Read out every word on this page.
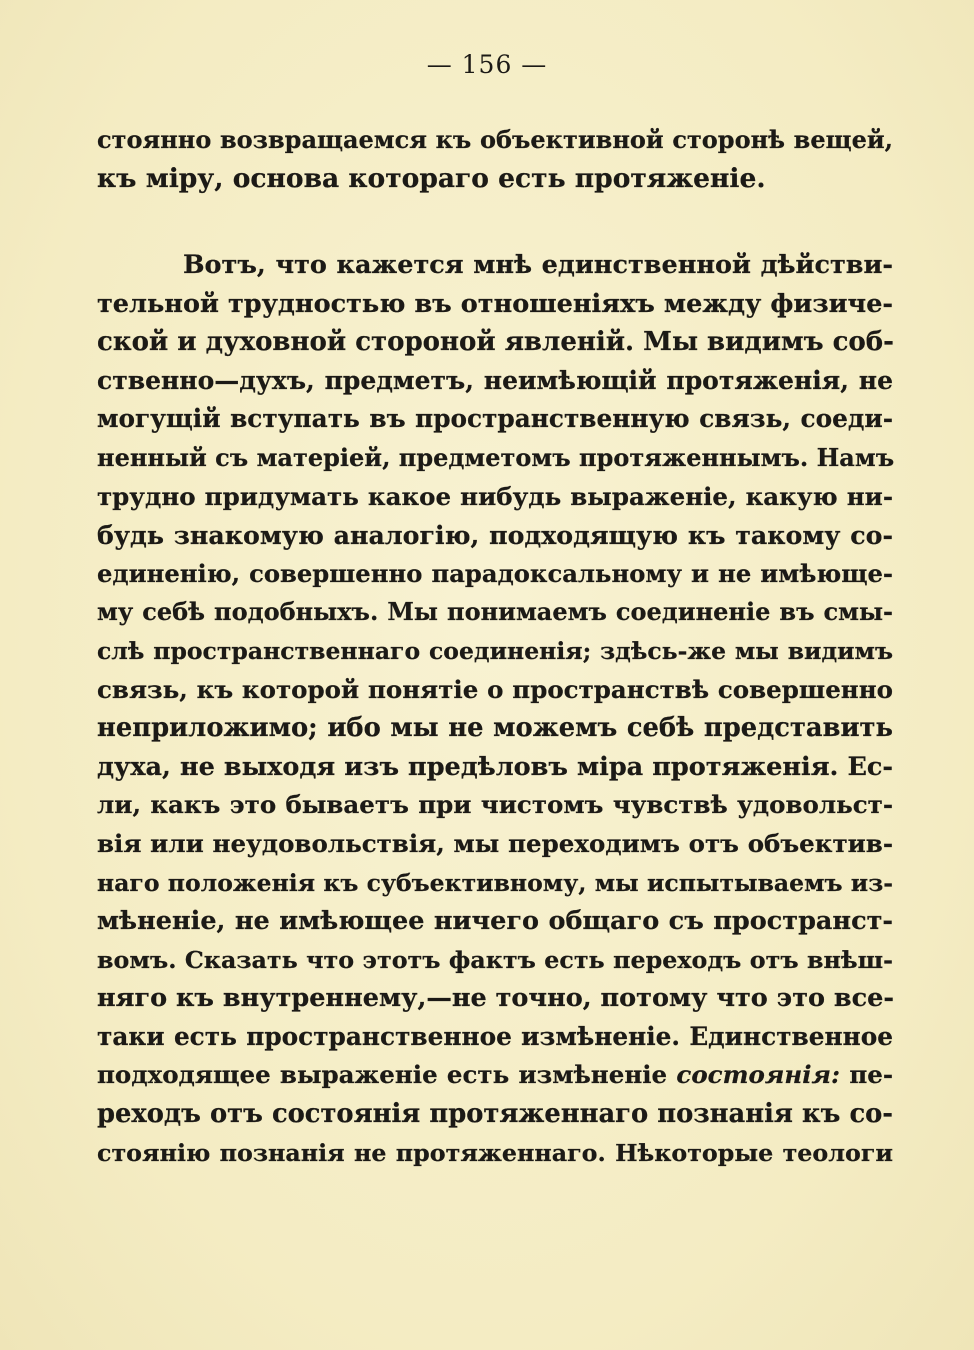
— 156 —
стоянно возвращаемся къ объективной сторонѣ вещей,
къ міру, основа котораго есть протяженіе.
Вотъ, что кажется мнѣ единственной дѣйстви-
тельной трудностью въ отношеніяхъ между физиче-
ской и духовной стороной явленій. Мы видимъ соб-
ственно—духъ, предметъ, неимѣющій протяженія, не
могущій вступать въ пространственную связь, соеди-
ненный съ матеріей, предметомъ протяженнымъ. Намъ
трудно придумать какое нибудь выраженіе, какую ни-
будь знакомую аналогію, подходящую къ такому со-
единенію, совершенно парадоксальному и не имѣюще-
му себѣ подобныхъ. Мы понимаемъ соединеніе въ смы-
слѣ пространственнаго соединенія; здѣсь-же мы видимъ
связь, къ которой понятіе о пространствѣ совершенно
неприложимо; ибо мы не можемъ себѣ представить
духа, не выходя изъ предѣловъ міра протяженія. Ес-
ли, какъ это бываетъ при чистомъ чувствѣ удовольст-
вія или неудовольствія, мы переходимъ отъ объектив-
наго положенія къ субъективному, мы испытываемъ из-
мѣненіе, не имѣющее ничего общаго съ пространст-
вомъ. Сказать что этотъ фактъ есть переходъ отъ внѣш-
няго къ внутреннему,—не точно, потому что это все-
таки есть пространственное измѣненіе. Единственное
подходящее выраженіе есть измѣненіе состоянія: пе-
реходъ отъ состоянія протяженнаго познанія къ со-
стоянію познанія не протяженнаго. Нѣкоторые теологи
